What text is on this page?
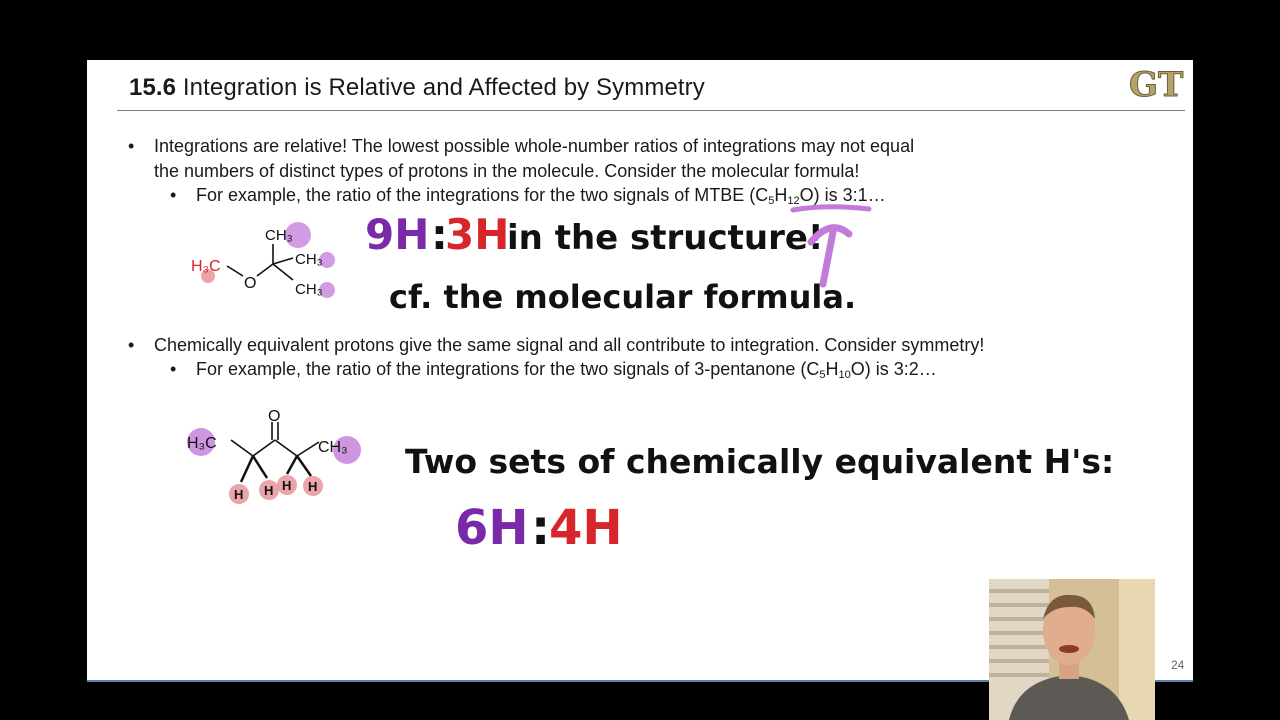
15.6 Integration is Relative and Affected by Symmetry	GT
• Integrations are relative! The lowest possible whole-number ratios of integrations may not equal
the numbers of distinct types of protons in the molecule. Consider the molecular formula!
• For example, the ratio of the integrations for the two signals of MTBE $(C_5H_{12}O)$ is 3:1…
• Chemically equivalent protons give the same signal and all contribute to integration. Consider symmetry!
• For example, the ratio of the integrations for the two signals of 3-pentanone $(C_5H_{10}O)$ is 3:2…
H₃C
O
CH₃
CH₃
CH₃
9H :
3H
in the structure!
cf. the molecular formula.
H₃C
O
CH₃
H H H H
Two sets of chemically equivalent H's:
6H :
4H
24
